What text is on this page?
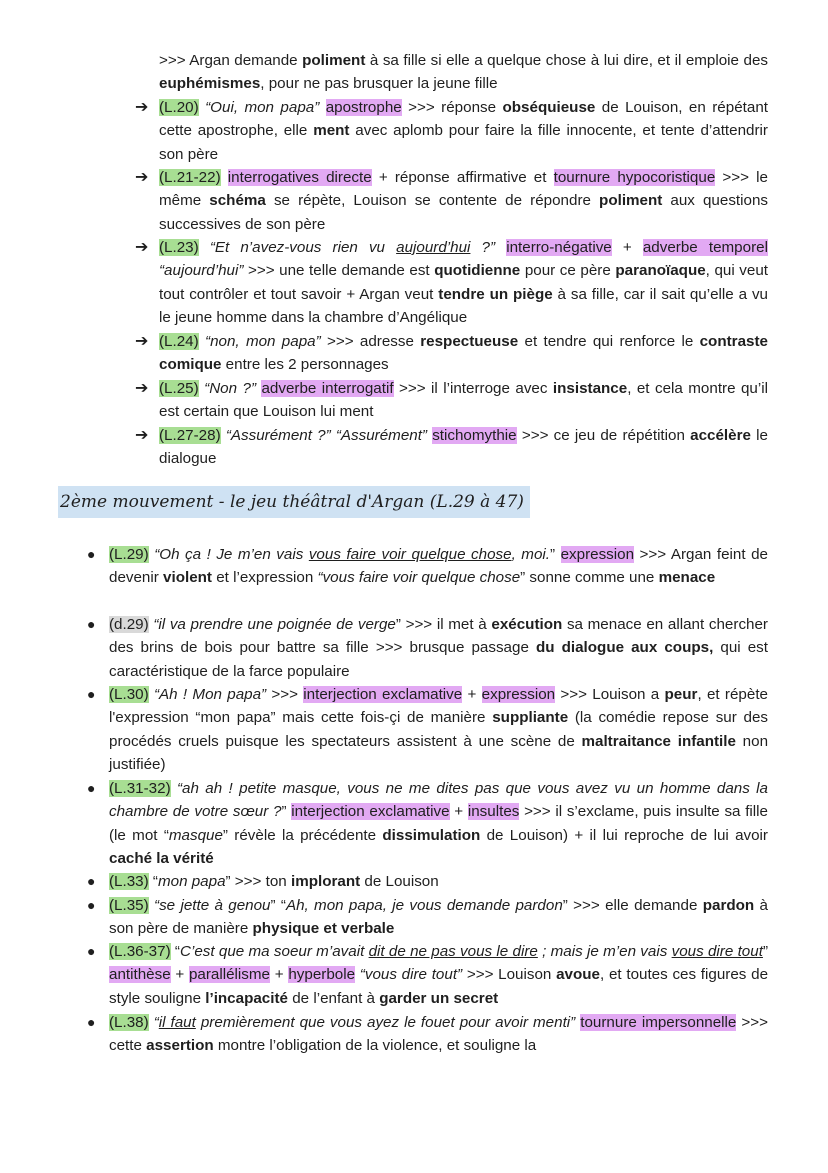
>>> Argan demande poliment à sa fille si elle a quelque chose à lui dire, et il emploie des euphémismes, pour ne pas brusquer la jeune fille
➔ (L.20) “Oui, mon papa” apostrophe >>> réponse obséquieuse de Louison, en répétant cette apostrophe, elle ment avec aplomb pour faire la fille innocente, et tente d’attendrir son père
➔ (L.21-22) interrogatives directe + réponse affirmative et tournure hypocoristique >>> le même schéma se répète, Louison se contente de répondre poliment aux questions successives de son père
➔ (L.23) “Et n’avez-vous rien vu aujourd’hui ?” interro-négative + adverbe temporel “aujourd’hui” >>> une telle demande est quotidienne pour ce père paranoïaque, qui veut tout contrôler et tout savoir + Argan veut tendre un piège à sa fille, car il sait qu’elle a vu le jeune homme dans la chambre d’Angélique
➔ (L.24) “non, mon papa” >>> adresse respectueuse et tendre qui renforce le contraste comique entre les 2 personnages
➔ (L.25) “Non ?” adverbe interrogatif >>> il l’interroge avec insistance, et cela montre qu’il est certain que Louison lui ment
➔ (L.27-28) “Assurément ?” “Assurément” stichomythie >>> ce jeu de répétition accélère le dialogue
2ème mouvement - le jeu théâtral d'Argan (L.29 à 47)
● (L.29) “Oh ça ! Je m’en vais vous faire voir quelque chose, moi.” expression >>> Argan feint de devenir violent et l’expression “vous faire voir quelque chose” sonne comme une menace
● (d.29) “il va prendre une poignée de verge” >>> il met à exécution sa menace en allant chercher des brins de bois pour battre sa fille >>> brusque passage du dialogue aux coups, qui est caractéristique de la farce populaire
● (L.30) “Ah ! Mon papa” >>> interjection exclamative + expression >>> Louison a peur, et répète l'expression “mon papa” mais cette fois-çi de manière suppliante (la comédie repose sur des procédés cruels puisque les spectateurs assistent à une scène de maltraitance infantile non justifiée)
● (L.31-32) “ah ah ! petite masque, vous ne me dites pas que vous avez vu un homme dans la chambre de votre sœur ?” interjection exclamative + insultes >>> il s’exclame, puis insulte sa fille (le mot “masque” révèle la précédente dissimulation de Louison) + il lui reproche de lui avoir caché la vérité
● (L.33) “mon papa” >>> ton implorant de Louison
● (L.35) “se jette à genou” “Ah, mon papa, je vous demande pardon” >>> elle demande pardon à son père de manière physique et verbale
● (L.36-37) “C’est que ma soeur m’avait dit de ne pas vous le dire ; mais je m’en vais vous dire tout” antithèse + parallélisme + hyperbole “vous dire tout” >>> Louison avoue, et toutes ces figures de style souligne l’incapacité de l’enfant à garder un secret
● (L.38) “il faut premièrement que vous ayez le fouet pour avoir menti” tournure impersonnelle >>> cette assertion montre l’obligation de la violence, et souligne la
